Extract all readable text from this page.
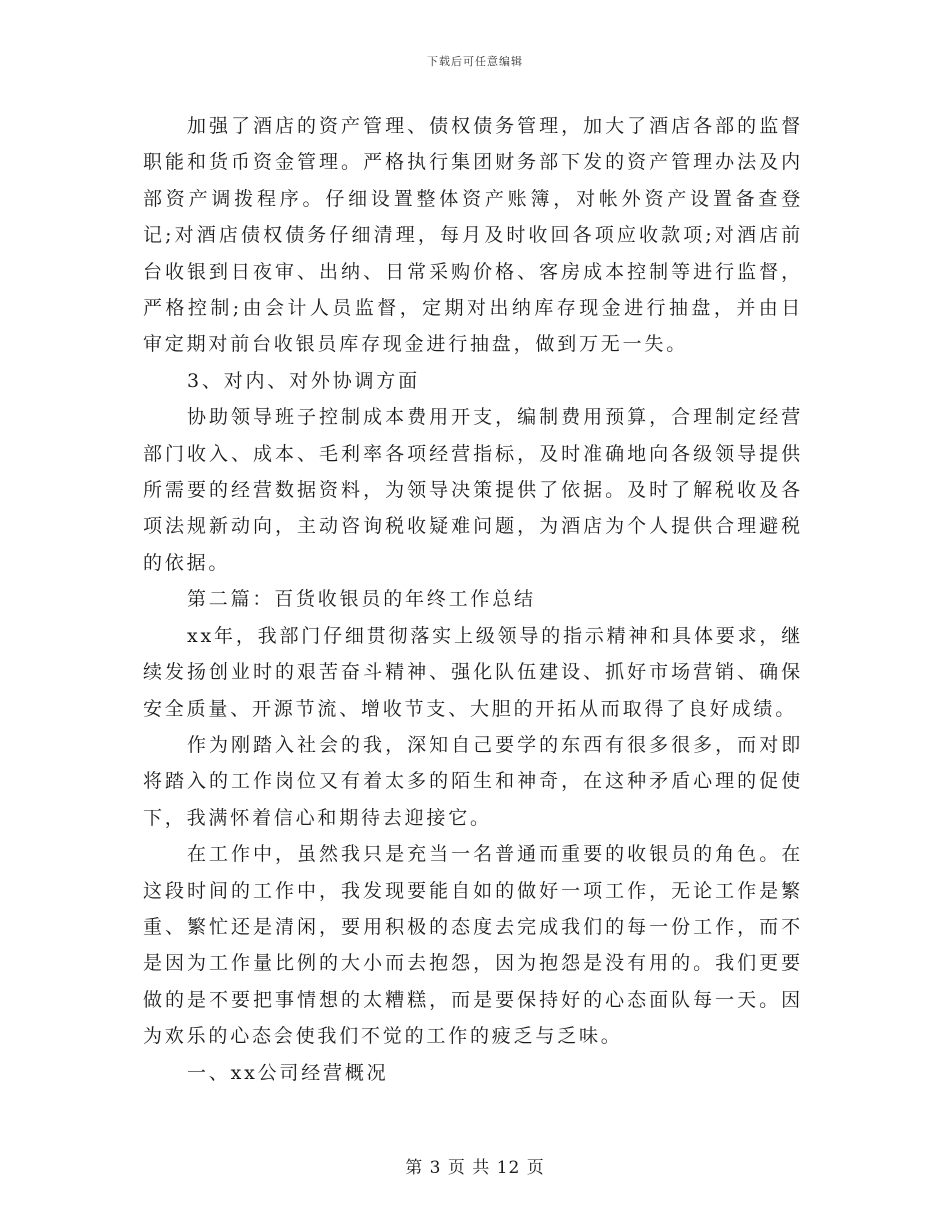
下载后可任意编辑

加强了酒店的资产管理、债权债务管理，加大了酒店各部的监督职能和货币资金管理。严格执行集团财务部下发的资产管理办法及内部资产调拨程序。仔细设置整体资产账簿，对帐外资产设置备查登记;对酒店债权债务仔细清理，每月及时收回各项应收款项;对酒店前台收银到日夜审、出纳、日常采购价格、客房成本控制等进行监督，严格控制;由会计人员监督，定期对出纳库存现金进行抽盘，并由日审定期对前台收银员库存现金进行抽盘，做到万无一失。

3、对内、对外协调方面

协助领导班子控制成本费用开支，编制费用预算，合理制定经营部门收入、成本、毛利率各项经营指标，及时准确地向各级领导提供所需要的经营数据资料，为领导决策提供了依据。及时了解税收及各项法规新动向，主动咨询税收疑难问题，为酒店为个人提供合理避税的依据。

第二篇：百货收银员的年终工作总结

xx年，我部门仔细贯彻落实上级领导的指示精神和具体要求，继续发扬创业时的艰苦奋斗精神、强化队伍建设、抓好市场营销、确保安全质量、开源节流、增收节支、大胆的开拓从而取得了良好成绩。

作为刚踏入社会的我，深知自己要学的东西有很多很多，而对即将踏入的工作岗位又有着太多的陌生和神奇，在这种矛盾心理的促使下，我满怀着信心和期待去迎接它。

在工作中，虽然我只是充当一名普通而重要的收银员的角色。在这段时间的工作中，我发现要能自如的做好一项工作，无论工作是繁重、繁忙还是清闲，要用积极的态度去完成我们的每一份工作，而不是因为工作量比例的大小而去抱怨，因为抱怨是没有用的。我们更要做的是不要把事情想的太糟糕，而是要保持好的心态面队每一天。因为欢乐的心态会使我们不觉的工作的疲乏与乏味。

一、xx公司经营概况

第 3 页 共 12 页
